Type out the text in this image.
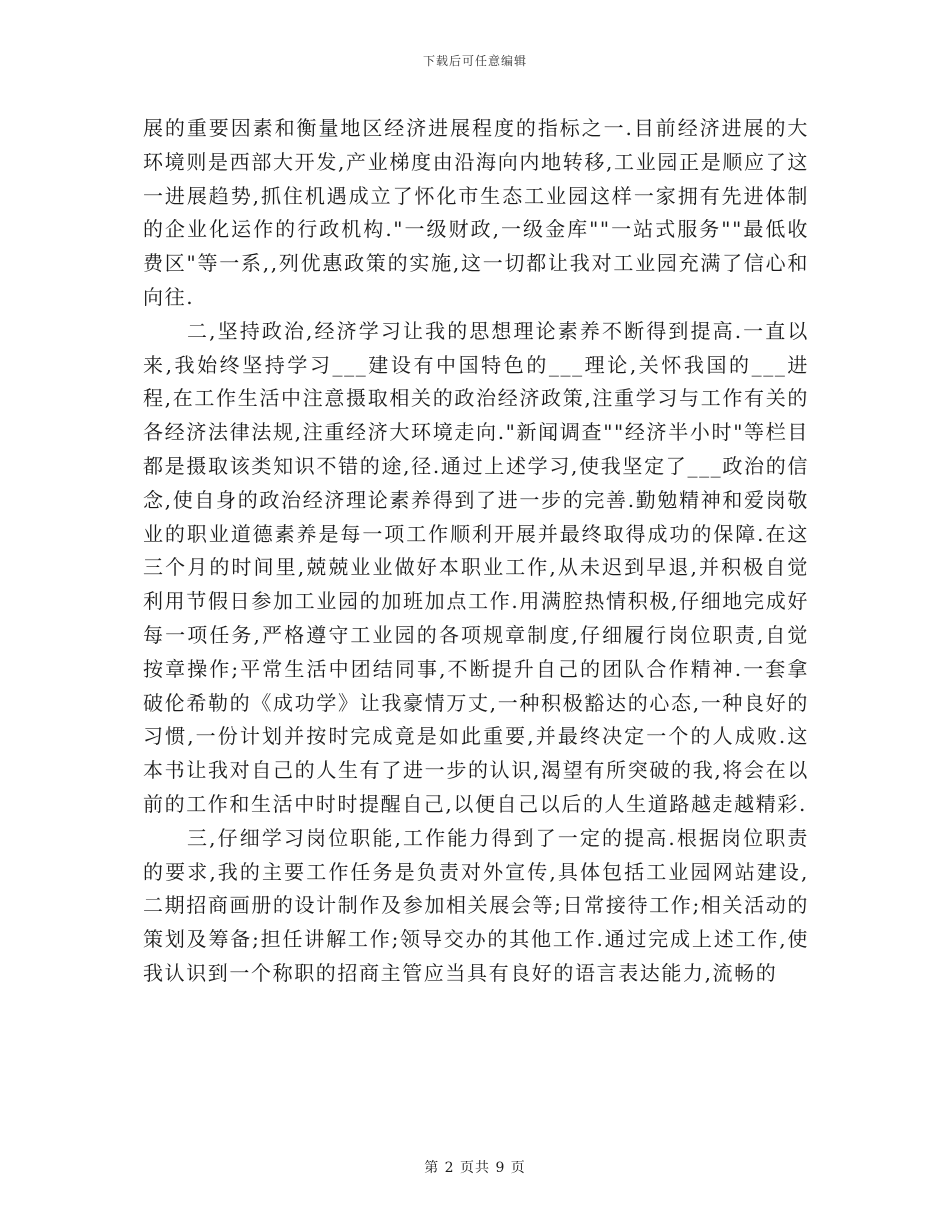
下载后可任意编辑

展的重要因素和衡量地区经济进展程度的指标之一.目前经济进展的大环境则是西部大开发,产业梯度由沿海向内地转移,工业园正是顺应了这一进展趋势,抓住机遇成立了怀化市生态工业园这样一家拥有先进体制的企业化运作的行政机构."一级财政,一级金库""一站式服务""最低收费区"等一系,,列优惠政策的实施,这一切都让我对工业园充满了信心和向往.

二,坚持政治,经济学习让我的思想理论素养不断得到提高.一直以来,我始终坚持学习___建设有中国特色的___理论,关怀我国的___进程,在工作生活中注意摄取相关的政治经济政策,注重学习与工作有关的各经济法律法规,注重经济大环境走向."新闻调查""经济半小时"等栏目都是摄取该类知识不错的途,径.通过上述学习,使我坚定了___政治的信念,使自身的政治经济理论素养得到了进一步的完善.勤勉精神和爱岗敬业的职业道德素养是每一项工作顺利开展并最终取得成功的保障.在这三个月的时间里,兢兢业业做好本职业工作,从未迟到早退,并积极自觉利用节假日参加工业园的加班加点工作.用满腔热情积极,仔细地完成好每一项任务,严格遵守工业园的各项规章制度,仔细履行岗位职责,自觉按章操作;平常生活中团结同事,不断提升自己的团队合作精神.一套拿破伦希勒的《成功学》让我豪情万丈,一种积极豁达的心态,一种良好的习惯,一份计划并按时完成竟是如此重要,并最终决定一个的人成败.这本书让我对自己的人生有了进一步的认识,渴望有所突破的我,将会在以前的工作和生活中时时提醒自己,以便自己以后的人生道路越走越精彩.

三,仔细学习岗位职能,工作能力得到了一定的提高.根据岗位职责的要求,我的主要工作任务是负责对外宣传,具体包括工业园网站建设,二期招商画册的设计制作及参加相关展会等;日常接待工作;相关活动的策划及筹备;担任讲解工作;领导交办的其他工作.通过完成上述工作,使我认识到一个称职的招商主管应当具有良好的语言表达能力,流畅的

第 2 页共 9 页
